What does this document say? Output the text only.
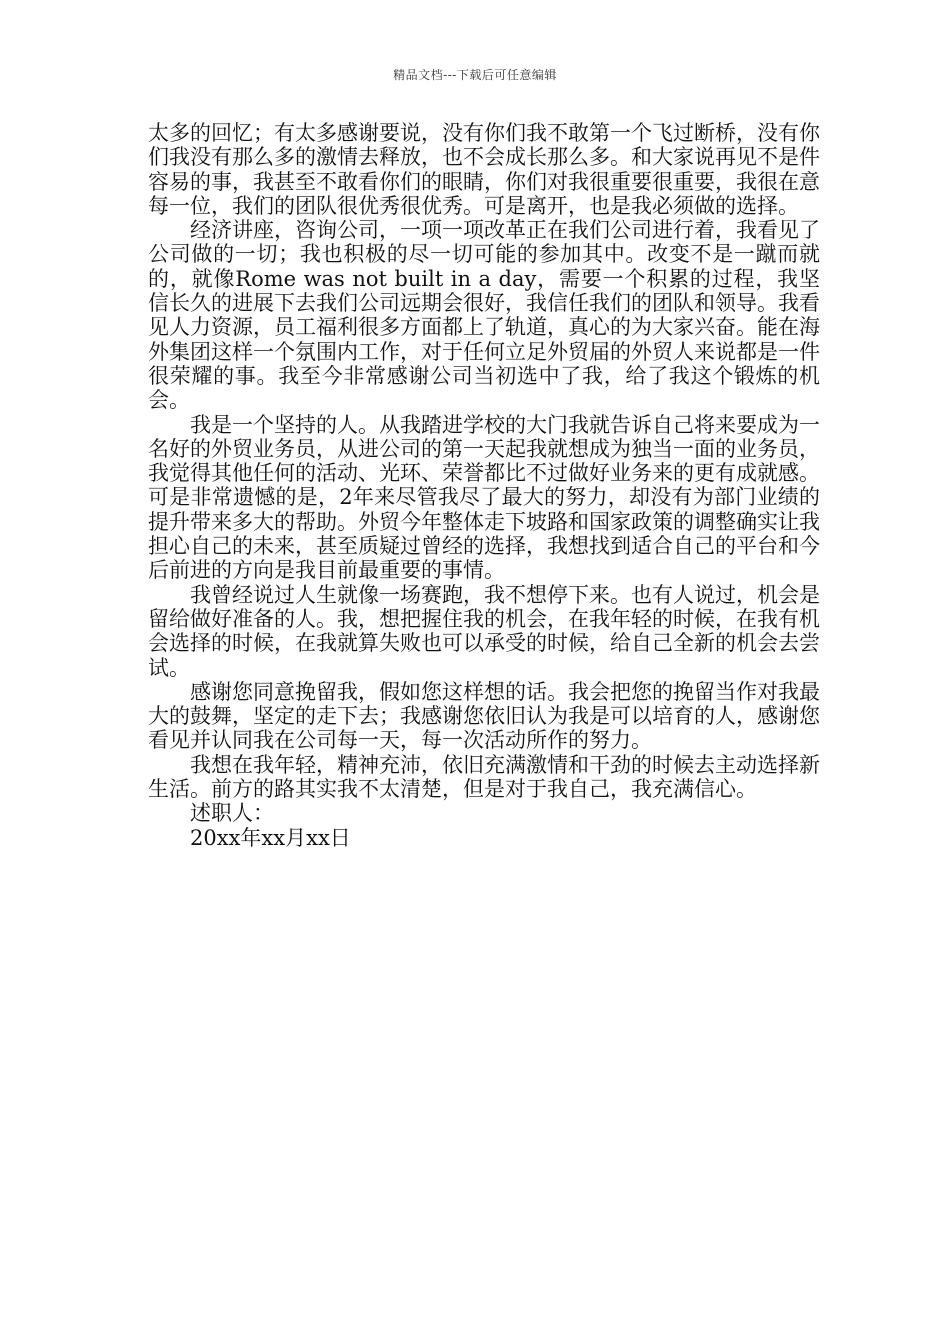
精品文档---下载后可任意编辑

太多的回忆；有太多感谢要说，没有你们我不敢第一个飞过断桥，没有你们我没有那么多的激情去释放，也不会成长那么多。和大家说再见不是件容易的事，我甚至不敢看你们的眼睛，你们对我很重要很重要，我很在意每一位，我们的团队很优秀很优秀。可是离开，也是我必须做的选择。

经济讲座，咨询公司，一项一项改革正在我们公司进行着，我看见了公司做的一切；我也积极的尽一切可能的参加其中。改变不是一蹴而就的，就像Rome was not built in a day，需要一个积累的过程，我坚信长久的进展下去我们公司远期会很好，我信任我们的团队和领导。我看见人力资源，员工福利很多方面都上了轨道，真心的为大家兴奋。能在海外集团这样一个氛围内工作，对于任何立足外贸届的外贸人来说都是一件很荣耀的事。我至今非常感谢公司当初选中了我，给了我这个锻炼的机会。

我是一个坚持的人。从我踏进学校的大门我就告诉自己将来要成为一名好的外贸业务员，从进公司的第一天起我就想成为独当一面的业务员，我觉得其他任何的活动、光环、荣誉都比不过做好业务来的更有成就感。可是非常遗憾的是，2年来尽管我尽了最大的努力，却没有为部门业绩的提升带来多大的帮助。外贸今年整体走下坡路和国家政策的调整确实让我担心自己的未来，甚至质疑过曾经的选择，我想找到适合自己的平台和今后前进的方向是我目前最重要的事情。

我曾经说过人生就像一场赛跑，我不想停下来。也有人说过，机会是留给做好准备的人。我，想把握住我的机会，在我年轻的时候，在我有机会选择的时候，在我就算失败也可以承受的时候，给自己全新的机会去尝试。

感谢您同意挽留我，假如您这样想的话。我会把您的挽留当作对我最大的鼓舞，坚定的走下去；我感谢您依旧认为我是可以培育的人，感谢您看见并认同我在公司每一天，每一次活动所作的努力。

我想在我年轻，精神充沛，依旧充满激情和干劲的时候去主动选择新生活。前方的路其实我不太清楚，但是对于我自己，我充满信心。

述职人：

20xx年xx月xx日
